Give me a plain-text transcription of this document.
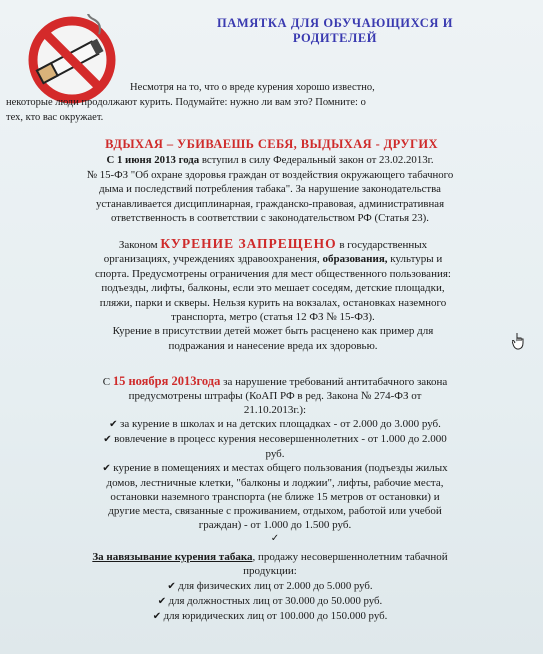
ПАМЯТКА ДЛЯ ОБУЧАЮЩИХСЯ И
РОДИТЕЛЕЙ
Несмотря на то, что о вреде курения хорошо известно,
некоторые люди продолжают курить. Подумайте: нужно ли вам это? Помните: о
тех, кто вас окружает.
ВДЫХАЯ – УБИВАЕШЬ СЕБЯ, ВЫДЫХАЯ - ДРУГИХ
С 1 июня 2013 года вступил в силу Федеральный закон от 23.02.2013г.
№ 15-ФЗ "Об охране здоровья граждан от воздействия окружающего табачного
дыма и последствий потребления табака". За нарушение законодательства
устанавливается дисциплинарная, гражданско-правовая, административная
ответственность в соответствии с законодательством РФ (Статья 23).
Законом КУРЕНИЕ ЗАПРЕЩЕНО в государственных
организациях, учреждениях здравоохранения, образования, культуры и
спорта. Предусмотрены ограничения для мест общественного пользования:
подъезды, лифты, балконы, если это мешает соседям, детские площадки,
пляжи, парки и скверы. Нельзя курить на вокзалах, остановках наземного
транспорта, метро (статья 12 ФЗ № 15-ФЗ).
Курение в присутствии детей может быть расценено как пример для
подражания и нанесение вреда их здоровью.
С 15 ноября 2013года за нарушение требований антитабачного закона
предусмотрены штрафы (КоАП РФ в ред. Закона № 274-ФЗ от
21.10.2013г.):
✔ за курение в школах и на детских площадках - от 2.000 до 3.000 руб.
✔ вовлечение в процесс курения несовершеннолетних - от 1.000 до 2.000
руб.
✔ курение в помещениях и местах общего пользования (подъезды жилых
домов, лестничные клетки, "балконы и лоджии", лифты, рабочие места,
остановки наземного транспорта (не ближе 15 метров от остановки) и
другие места, связанные с проживанием, отдыхом, работой или учебой
граждан) - от 1.000 до 1.500 руб.
✓
За навязывание курения табака, продажу несовершеннолетним табачной
продукции:
✔ для физических лиц от 2.000 до 5.000 руб.
✔ для должностных лиц от 30.000 до 50.000 руб.
✔ для юридических лиц от 100.000 до 150.000 руб.
